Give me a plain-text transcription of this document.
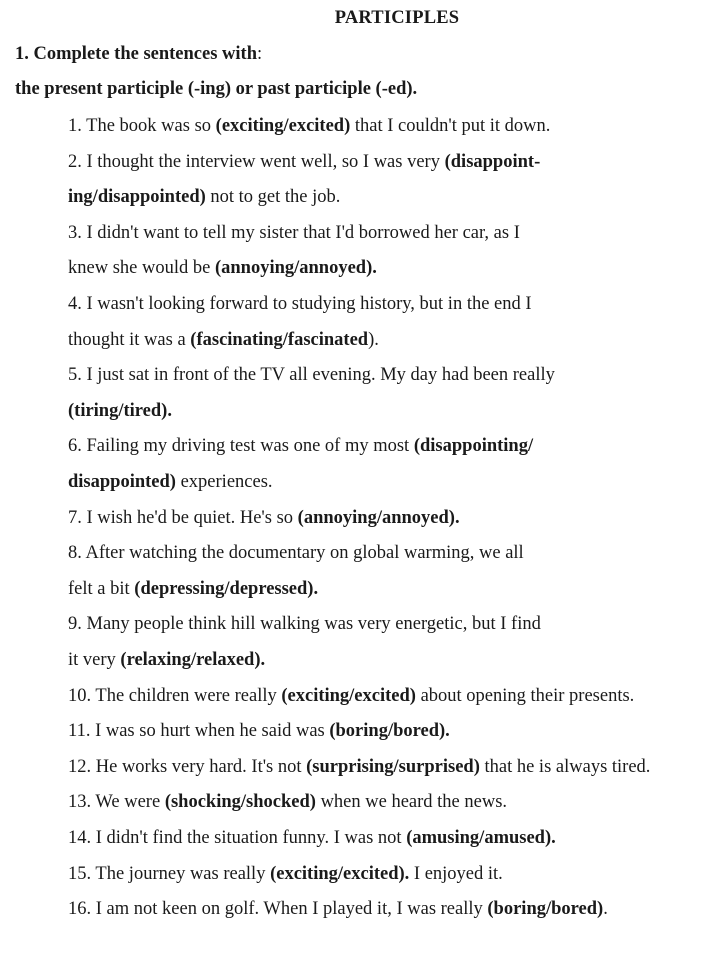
PARTICIPLES
1. Complete the sentences with:
the present participle (-ing) or past participle (-ed).
1. The book was so (exciting/excited) that I couldn't put it down.
2. I thought the interview went well, so I was very (disappoint-
ing/disappointed) not to get the job.
3. I didn't want to tell my sister that I'd borrowed her car, as I
knew she would be (annoying/annoyed).
4. I wasn't looking forward to studying history, but in the end I
thought it was a (fascinating/fascinated).
5. I just sat in front of the TV all evening. My day had been really
(tiring/tired).
6. Failing my driving test was one of my most (disappointing/
disappointed) experiences.
7. I wish he'd be quiet. He's so (annoying/annoyed).
8. After watching the documentary on global warming, we all
felt a bit (depressing/depressed).
9. Many people think hill walking was very energetic, but I find
it very (relaxing/relaxed).
10. The children were really (exciting/excited) about opening their presents.
11. I was so hurt when he said was (boring/bored).
12. He works very hard. It's not (surprising/surprised) that he is always tired.
13. We were (shocking/shocked) when we heard the news.
14. I didn't find the situation funny. I was not (amusing/amused).
15. The journey was really (exciting/excited). I enjoyed it.
16. I am not keen on golf. When I played it, I was really (boring/bored).
